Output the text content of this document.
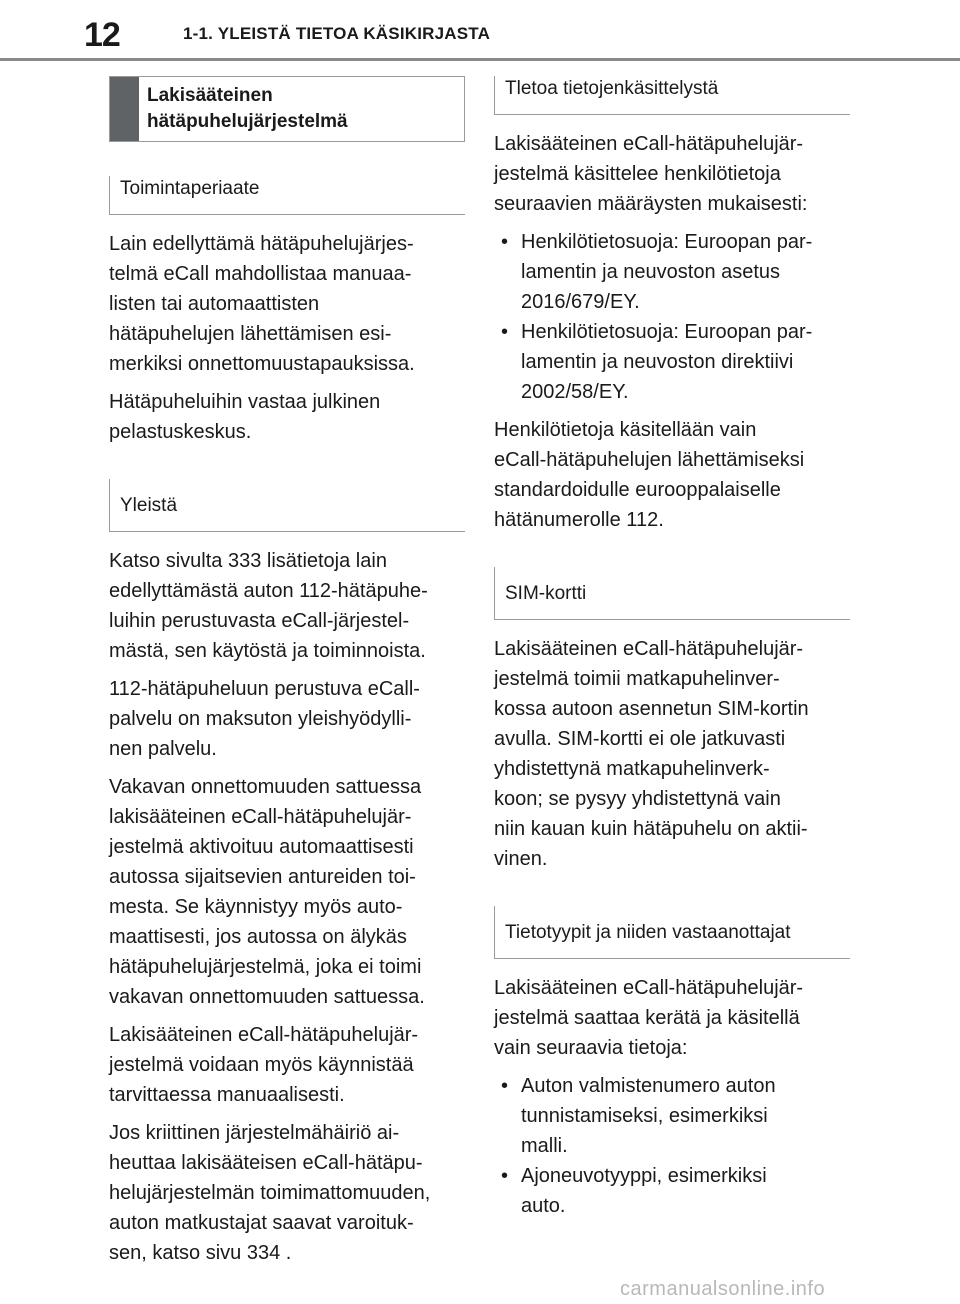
12	1-1. YLEISTÄ TIETOA KÄSIKIRJASTA
Lakisääteinen
hätäpuhelujärjestelmä
Toimintaperiaate

Lain edellyttämä hätäpuhelujärjes-
telmä eCall mahdollistaa manuaa-
listen tai automaattisten
hätäpuhelujen lähettämisen esi-
merkiksi onnettomuustapauksissa.

Hätäpuheluihin vastaa julkinen
pelastuskeskus.

Yleistä

Katso sivulta 333 lisätietoja lain
edellyttämästä auton 112-hätäpuhe-
luihin perustuvasta eCall-järjestel-
mästä, sen käytöstä ja toiminnoista.

112-hätäpuheluun perustuva eCall-
palvelu on maksuton yleishyödylli-
nen palvelu.

Vakavan onnettomuuden sattuessa
lakisääteinen eCall-hätäpuhelujär-
jestelmä aktivoituu automaattisesti
autossa sijaitsevien antureiden toi-
mesta. Se käynnistyy myös auto-
maattisesti, jos autossa on älykäs
hätäpuhelujärjestelmä, joka ei toimi
vakavan onnettomuuden sattuessa.

Lakisääteinen eCall-hätäpuhelujär-
jestelmä voidaan myös käynnistää
tarvittaessa manuaalisesti.

Jos kriittinen järjestelmähäiriö ai-
heuttaa lakisääteisen eCall-hätäpu-
helujärjestelmän toimimattomuuden,
auton matkustajat saavat varoituk-
sen, katso sivu 334 .

Tletoa tietojenkäsittelystä

Lakisääteinen eCall-hätäpuhelujär-
jestelmä käsittelee henkilötietoja
seuraavien määräysten mukaisesti:

• Henkilötietosuoja: Euroopan par-
lamentin ja neuvoston asetus
2016/679/EY.
• Henkilötietosuoja: Euroopan par-
lamentin ja neuvoston direktiivi
2002/58/EY.

Henkilötietoja käsitellään vain
eCall-hätäpuhelujen lähettämiseksi
standardoidulle eurooppalaiselle
hätänumerolle 112.

SIM-kortti

Lakisääteinen eCall-hätäpuhelujär-
jestelmä toimii matkapuhelinver-
kossa autoon asennetun SIM-kortin
avulla. SIM-kortti ei ole jatkuvasti
yhdistettynä matkapuhelinverk-
koon; se pysyy yhdistettynä vain
niin kauan kuin hätäpuhelu on aktii-
vinen.

Tietotyypit ja niiden vastaanottajat

Lakisääteinen eCall-hätäpuhelujär-
jestelmä saattaa kerätä ja käsitellä
vain seuraavia tietoja:

• Auton valmistenumero auton
tunnistamiseksi, esimerkiksi
malli.
• Ajoneuvotyyppi, esimerkiksi
auto.
carmanualsonline.info
